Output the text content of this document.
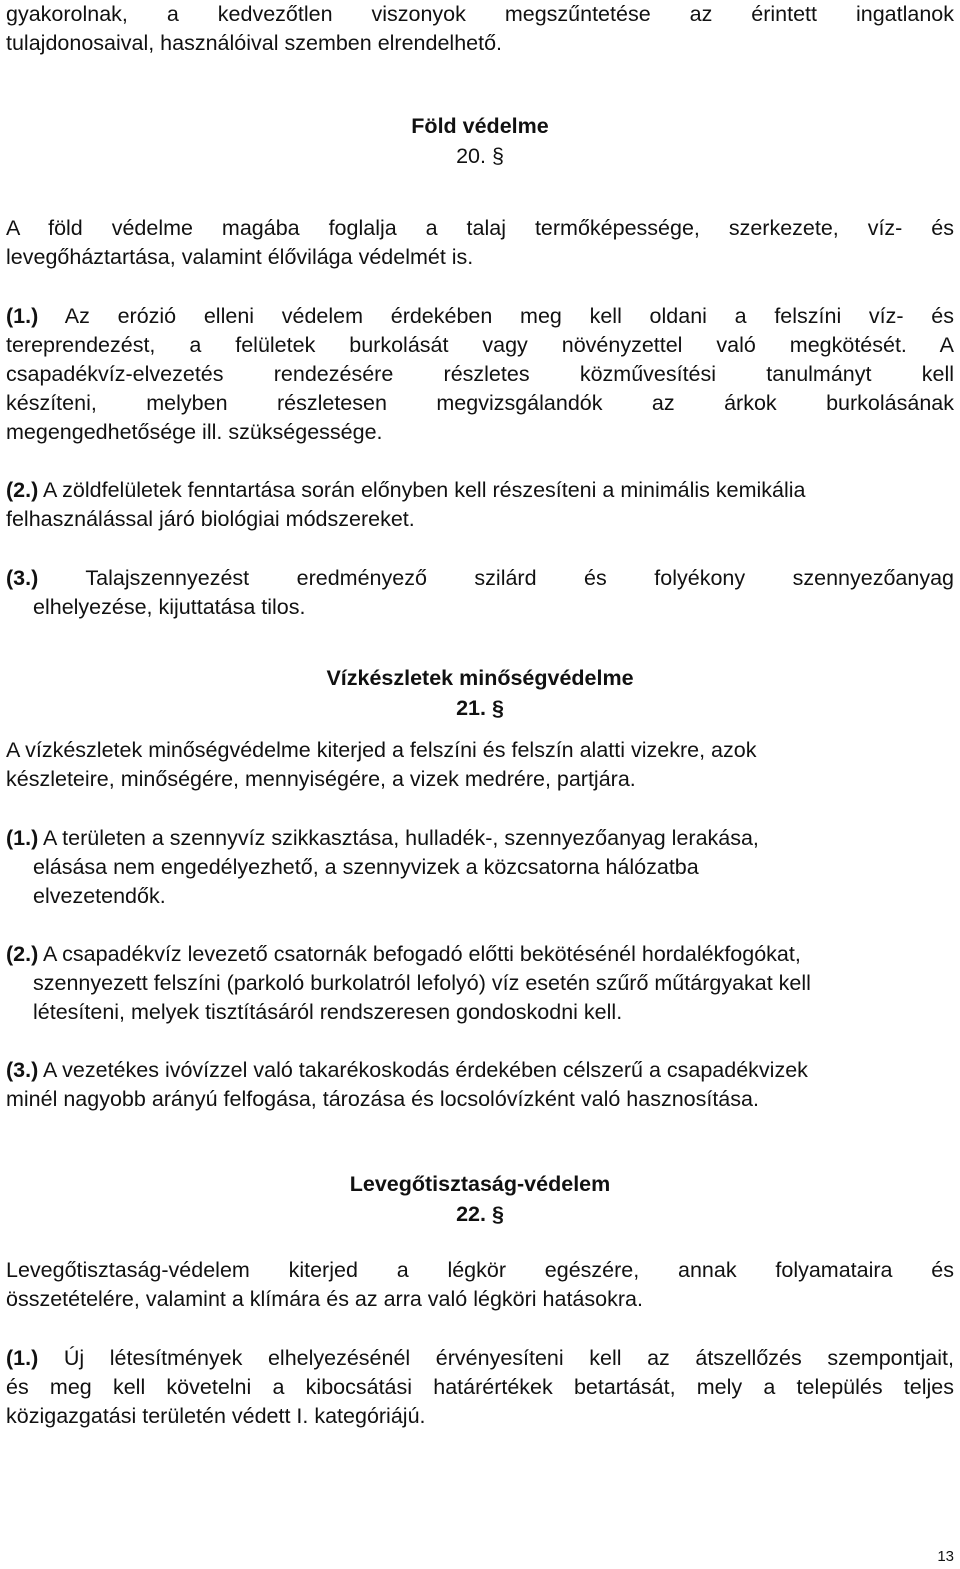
gyakorolnak, a kedvezőtlen viszonyok megszűntetése az érintett ingatlanok
tulajdonosaival, használóival szemben elrendelhető.

Föld védelme

20. §

A föld védelme magába foglalja a talaj termőképessége, szerkezete, víz- és
levegőháztartása, valamint élővilága védelmét is.

(1.) Az erózió elleni védelem érdekében meg kell oldani a felszíni víz- és
tereprendezést, a felületek burkolását vagy növényzettel való megkötését. A
csapadékvíz-elvezetés rendezésére részletes közművesítési tanulmányt kell
készíteni, melyben részletesen megvizsgálandók az árkok burkolásának
megengedhetősége ill. szükségessége.

(2.) A zöldfelületek fenntartása során előnyben kell részesíteni a minimális kemikália
felhasználással járó biológiai módszereket.

(3.) Talajszennyezést eredményező szilárd és folyékony szennyezőanyag
elhelyezése, kijuttatása tilos.

Vízkészletek minőségvédelme

21. §

A vízkészletek minőségvédelme kiterjed a felszíni és felszín alatti vizekre, azok
készleteire, minőségére, mennyiségére, a vizek medrére, partjára.

(1.) A területen a szennyvíz szikkasztása, hulladék-, szennyezőanyag lerakása,
elásása nem engedélyezhető, a szennyvizek a közcsatorna hálózatba
elvezetendők.

(2.) A csapadékvíz levezető csatornák befogadó előtti bekötésénél hordalékfogókat,
szennyezett felszíni (parkoló burkolatról lefolyó) víz esetén szűrő műtárgyakat kell
létesíteni, melyek tisztításáról rendszeresen gondoskodni kell.

(3.) A vezetékes ivóvízzel való takarékoskodás érdekében célszerű a csapadékvizek
minél nagyobb arányú felfogása, tározása és locsolóvízként való hasznosítása.

Levegőtisztaság-védelem

22. §

Levegőtisztaság-védelem kiterjed a légkör egészére, annak folyamataira és
összetételére, valamint a klímára és az arra való légköri hatásokra.

(1.) Új létesítmények elhelyezésénél érvényesíteni kell az átszellőzés szempontjait,
és meg kell követelni a kibocsátási határértékek betartását, mely a település teljes
közigazgatási területén védett I. kategóriájú.

13
